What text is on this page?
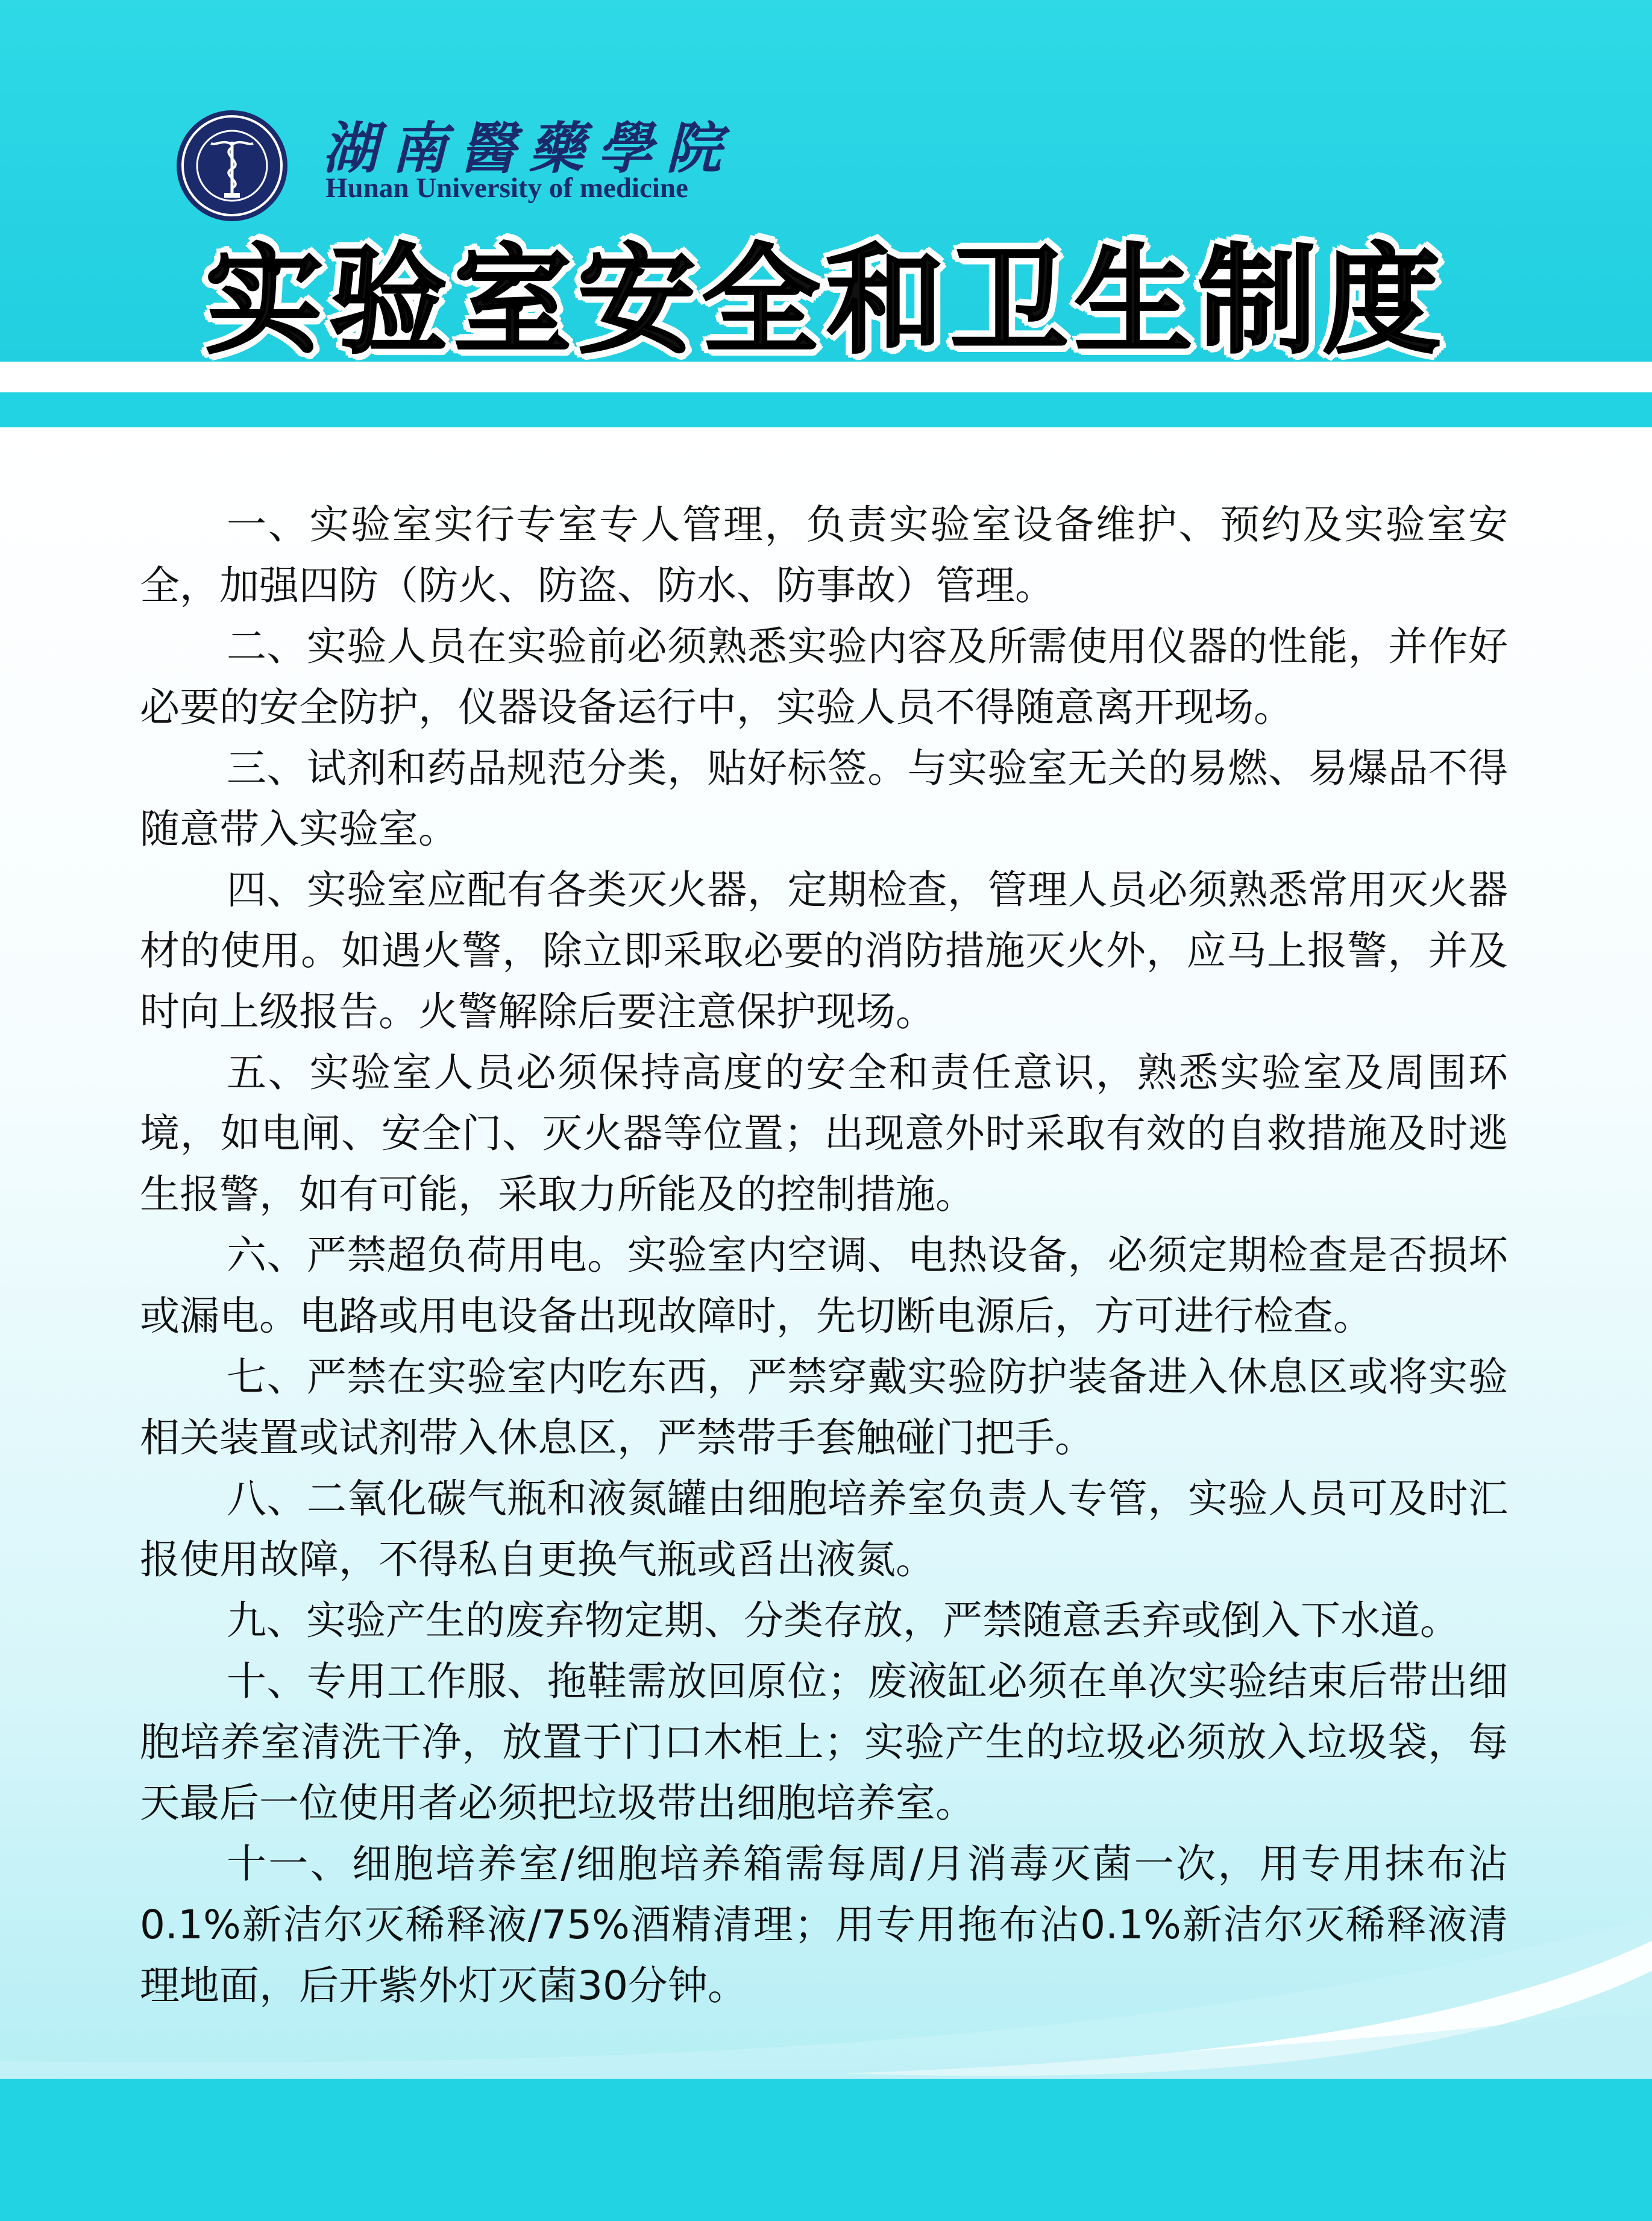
湖南醫藥學院
Hunan University of medicine
实验室安全和卫生制度

一、实验室实行专室专人管理，负责实验室设备维护、预约及实验室安全，加强四防（防火、防盗、防水、防事故）管理。

二、实验人员在实验前必须熟悉实验内容及所需使用仪器的性能，并作好必要的安全防护，仪器设备运行中，实验人员不得随意离开现场。

三、试剂和药品规范分类，贴好标签。与实验室无关的易燃、易爆品不得随意带入实验室。

四、实验室应配有各类灭火器，定期检查，管理人员必须熟悉常用灭火器材的使用。如遇火警，除立即采取必要的消防措施灭火外，应马上报警，并及时向上级报告。火警解除后要注意保护现场。

五、实验室人员必须保持高度的安全和责任意识，熟悉实验室及周围环境，如电闸、安全门、灭火器等位置；出现意外时采取有效的自救措施及时逃生报警，如有可能，采取力所能及的控制措施。

六、严禁超负荷用电。实验室内空调、电热设备，必须定期检查是否损坏或漏电。电路或用电设备出现故障时，先切断电源后，方可进行检查。

七、严禁在实验室内吃东西，严禁穿戴实验防护装备进入休息区或将实验相关装置或试剂带入休息区，严禁带手套触碰门把手。

八、二氧化碳气瓶和液氮罐由细胞培养室负责人专管，实验人员可及时汇报使用故障，不得私自更换气瓶或舀出液氮。

九、实验产生的废弃物定期、分类存放，严禁随意丢弃或倒入下水道。

十、专用工作服、拖鞋需放回原位；废液缸必须在单次实验结束后带出细胞培养室清洗干净，放置于门口木柜上；实验产生的垃圾必须放入垃圾袋，每天最后一位使用者必须把垃圾带出细胞培养室。

十一、细胞培养室/细胞培养箱需每周/月消毒灭菌一次，用专用抹布沾0.1%新洁尔灭稀释液/75%酒精清理；用专用拖布沾0.1%新洁尔灭稀释液清理地面，后开紫外灯灭菌30分钟。
